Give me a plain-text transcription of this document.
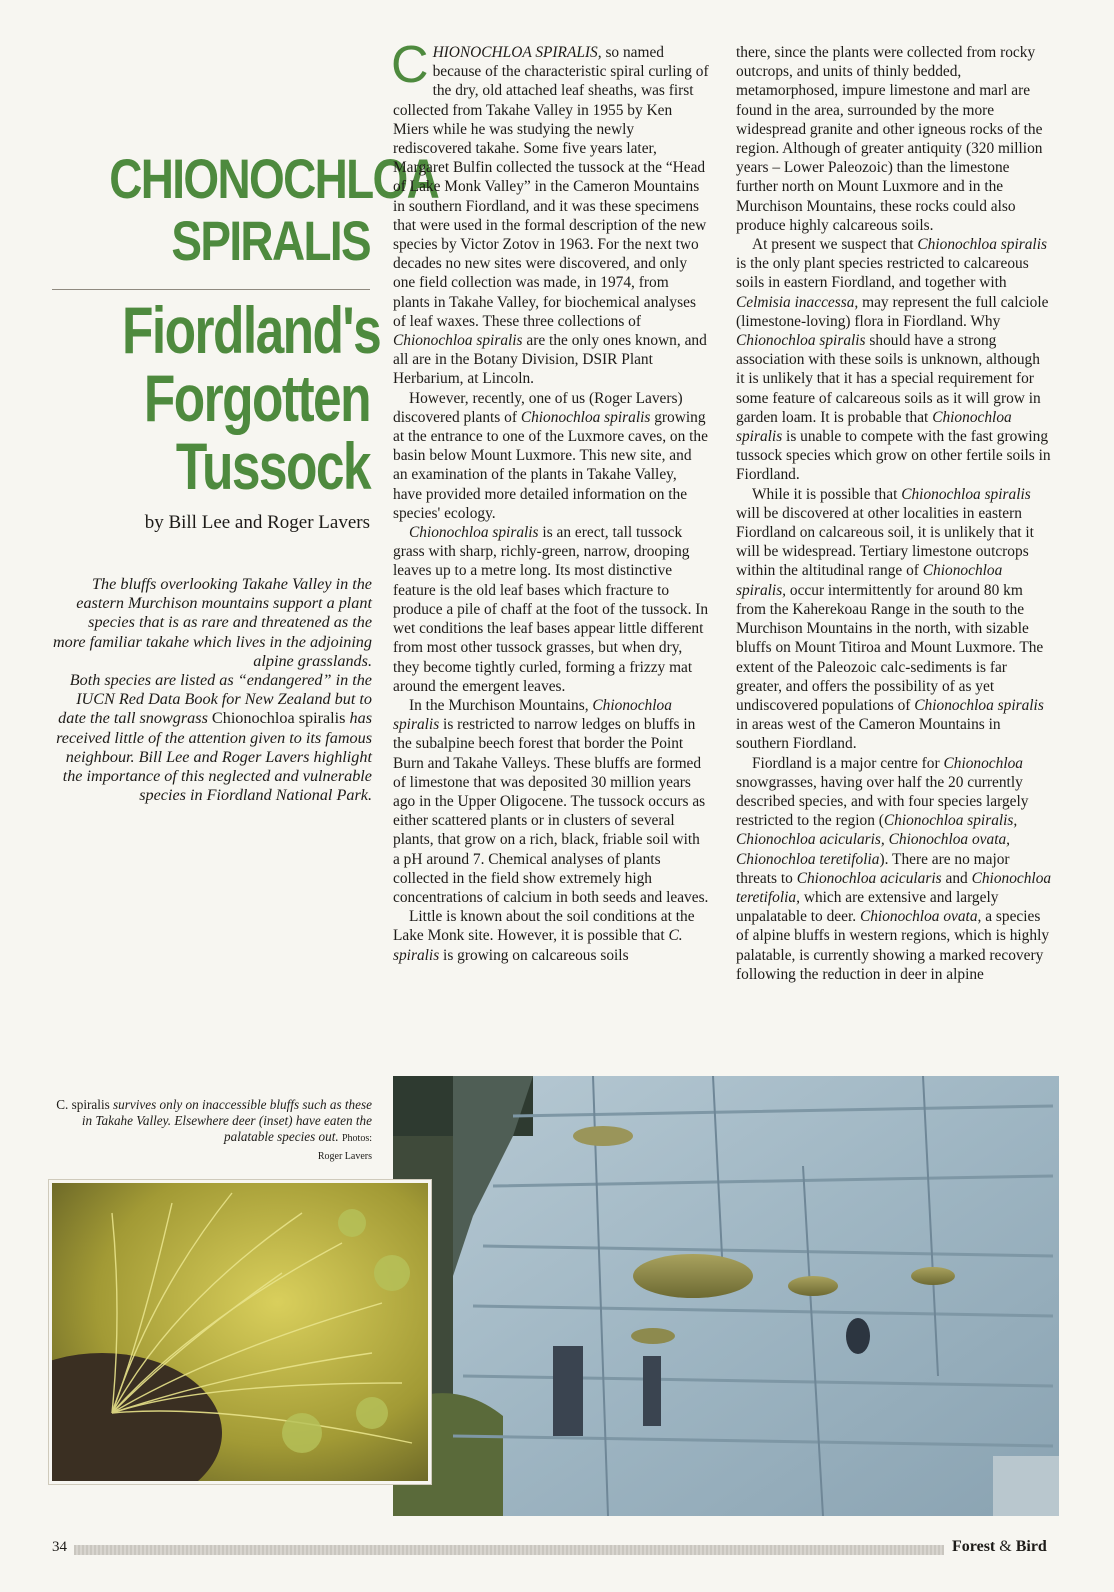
CHIONOCHLOA
SPIRALIS
Fiordland's
Forgotten
Tussock
by Bill Lee and Roger Lavers

The bluffs overlooking Takahe Valley in the eastern Murchison mountains support a plant species that is as rare and threatened as the more familiar takahe which lives in the adjoining alpine grasslands.

Both species are listed as “endangered” in the IUCN Red Data Book for New Zealand but to date the tall snowgrass Chionochloa spiralis has received little of the attention given to its famous neighbour. Bill Lee and Roger Lavers highlight the importance of this neglected and vulnerable species in Fiordland National Park.

CHIONOCHLOA SPIRALIS, so named because of the characteristic spiral curling of the dry, old attached leaf sheaths, was first collected from Takahe Valley in 1955 by Ken Miers while he was studying the newly rediscovered takahe. Some five years later, Margaret Bulfin collected the tussock at the “Head of Lake Monk Valley” in the Cameron Mountains in southern Fiordland, and it was these specimens that were used in the formal description of the new species by Victor Zotov in 1963. For the next two decades no new sites were discovered, and only one field collection was made, in 1974, from plants in Takahe Valley, for biochemical analyses of leaf waxes. These three collections of Chionochloa spiralis are the only ones known, and all are in the Botany Division, DSIR Plant Herbarium, at Lincoln.

However, recently, one of us (Roger Lavers) discovered plants of Chionochloa spiralis growing at the entrance to one of the Luxmore caves, on the basin below Mount Luxmore. This new site, and an examination of the plants in Takahe Valley, have provided more detailed information on the species' ecology.

Chionochloa spiralis is an erect, tall tussock grass with sharp, richly-green, narrow, drooping leaves up to a metre long. Its most distinctive feature is the old leaf bases which fracture to produce a pile of chaff at the foot of the tussock. In wet conditions the leaf bases appear little different from most other tussock grasses, but when dry, they become tightly curled, forming a frizzy mat around the emergent leaves.

In the Murchison Mountains, Chionochloa spiralis is restricted to narrow ledges on bluffs in the subalpine beech forest that border the Point Burn and Takahe Valleys. These bluffs are formed of limestone that was deposited 30 million years ago in the Upper Oligocene. The tussock occurs as either scattered plants or in clusters of several plants, that grow on a rich, black, friable soil with a pH around 7. Chemical analyses of plants collected in the field show extremely high concentrations of calcium in both seeds and leaves.

Little is known about the soil conditions at the Lake Monk site. However, it is possible that C. spiralis is growing on calcareous soils

there, since the plants were collected from rocky outcrops, and units of thinly bedded, metamorphosed, impure limestone and marl are found in the area, surrounded by the more widespread granite and other igneous rocks of the region. Although of greater antiquity (320 million years – Lower Paleozoic) than the limestone further north on Mount Luxmore and in the Murchison Mountains, these rocks could also produce highly calcareous soils.

At present we suspect that Chionochloa spiralis is the only plant species restricted to calcareous soils in eastern Fiordland, and together with Celmisia inaccessa, may represent the full calciole (limestone-loving) flora in Fiordland. Why Chionochloa spiralis should have a strong association with these soils is unknown, although it is unlikely that it has a special requirement for some feature of calcareous soils as it will grow in garden loam. It is probable that Chionochloa spiralis is unable to compete with the fast growing tussock species which grow on other fertile soils in Fiordland.

While it is possible that Chionochloa spiralis will be discovered at other localities in eastern Fiordland on calcareous soil, it is unlikely that it will be widespread. Tertiary limestone outcrops within the altitudinal range of Chionochloa spiralis, occur intermittently for around 80 km from the Kaherekoau Range in the south to the Murchison Mountains in the north, with sizable bluffs on Mount Titiroa and Mount Luxmore. The extent of the Paleozoic calc-sediments is far greater, and offers the possibility of as yet undiscovered populations of Chionochloa spiralis in areas west of the Cameron Mountains in southern Fiordland.

Fiordland is a major centre for Chionochloa snowgrasses, having over half the 20 currently described species, and with four species largely restricted to the region (Chionochloa spiralis, Chionochloa acicularis, Chionochloa ovata, Chionochloa teretifolia). There are no major threats to Chionochloa acicularis and Chionochloa teretifolia, which are extensive and largely unpalatable to deer. Chionochloa ovata, a species of alpine bluffs in western regions, which is highly palatable, is currently showing a marked recovery following the reduction in deer in alpine

C. spiralis survives only on inaccessible bluffs such as these in Takahe Valley. Elsewhere deer (inset) have eaten the palatable species out. Photos:

Roger Lavers

34	Forest & Bird
